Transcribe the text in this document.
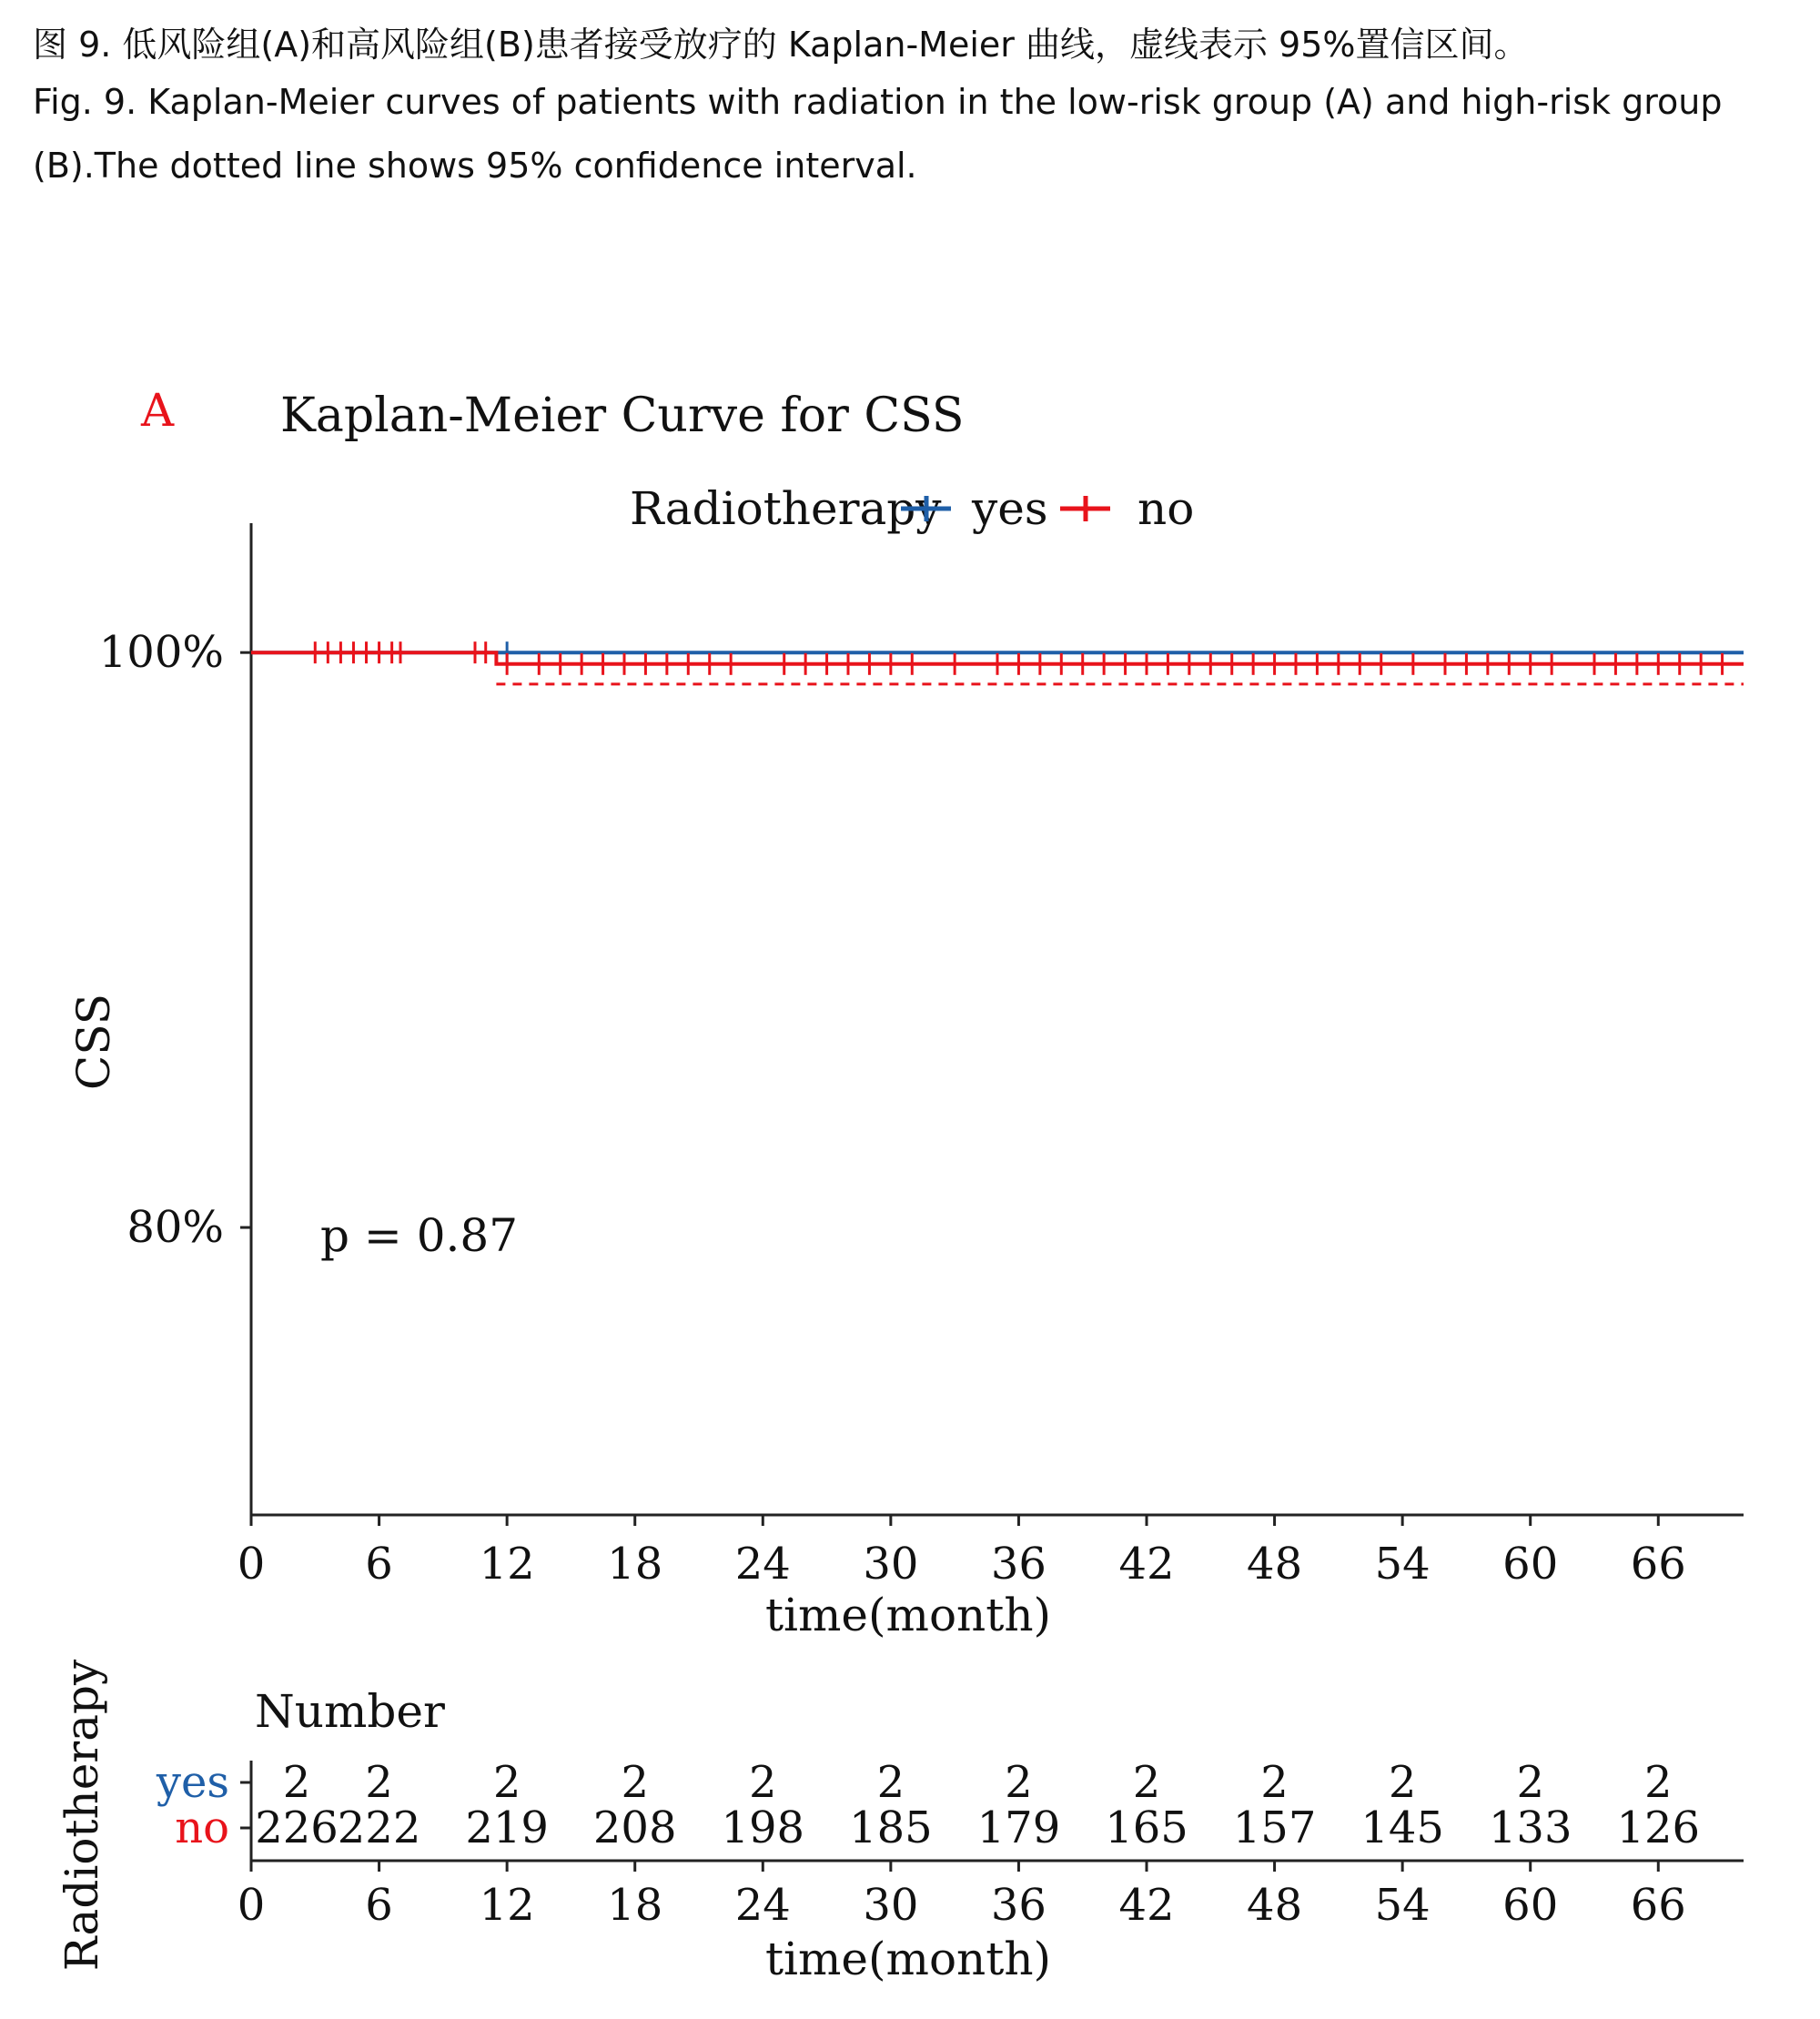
图 9. 低风险组(A)和高风险组(B)患者接受放疗的 Kaplan-Meier 曲线，虚线表示 95%置信区间。
Fig. 9. Kaplan-Meier curves of patients with radiation in the low-risk group (A) and high-risk group
(B).The dotted line shows 95% confidence interval.
A Kaplan-Meier Curve for CSS
Radiotherapy yes no
100%
80%
0 6 12 18 24 30 36 42 48 54 60 66
time(month)
CSS
p = 0.87
Number
Radiotherapy yes 2 2 2 2 2 2 2 2 2 2 2 2
no 226
222 219 208 198 185 179 165 157 145 133 126
0 6 12 18 24 30 36 42 48 54 60 66
time(month)
